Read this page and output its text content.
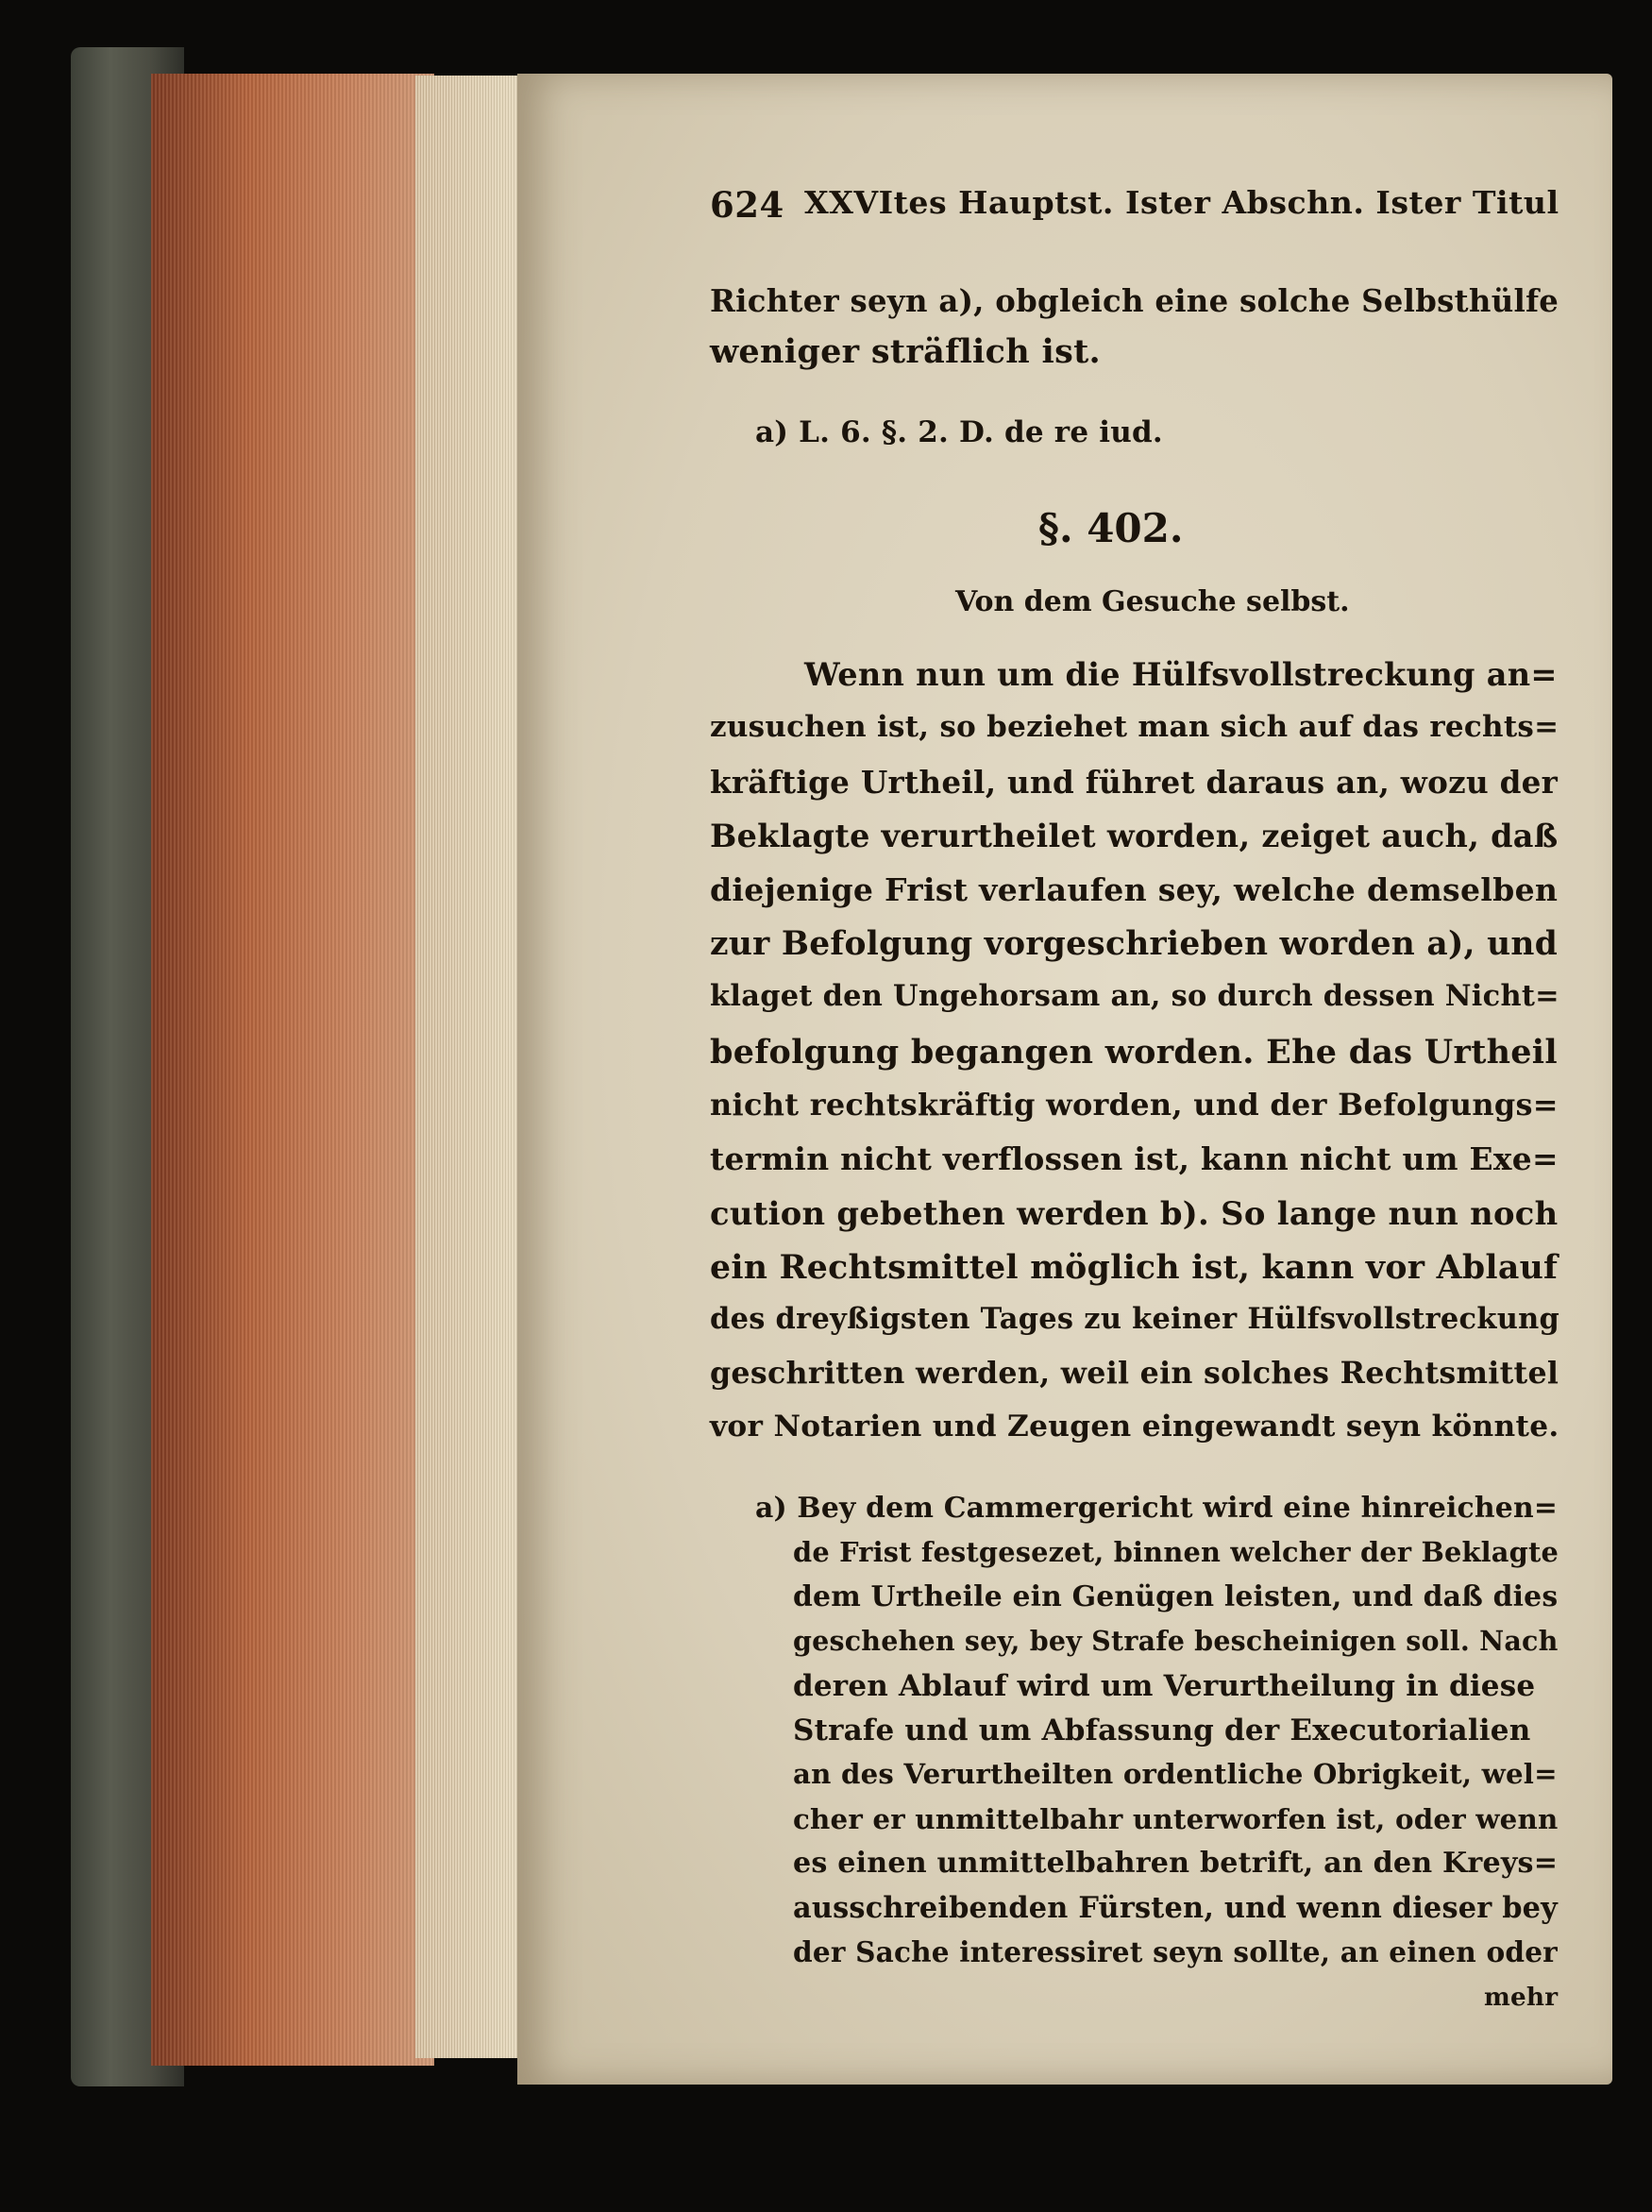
624 XXVItes Hauptst. Ister Abschn. Ister Titul
Richter seyn a), obgleich eine solche Selbsthülfe
weniger sträflich ist.
a) L. 6. §. 2. D. de re iud.
§. 402.
Von dem Gesuche selbst.
Wenn nun um die Hülfsvollstreckung an=
zusuchen ist, so beziehet man sich auf das rechts=
kräftige Urtheil, und führet daraus an, wozu der
Beklagte verurtheilet worden, zeiget auch, daß
diejenige Frist verlaufen sey, welche demselben
zur Befolgung vorgeschrieben worden a), und
klaget den Ungehorsam an, so durch dessen Nicht=
befolgung begangen worden. Ehe das Urtheil
nicht rechtskräftig worden, und der Befolgungs=
termin nicht verflossen ist, kann nicht um Exe=
cution gebethen werden b). So lange nun noch
ein Rechtsmittel möglich ist, kann vor Ablauf
des dreyßigsten Tages zu keiner Hülfsvollstreckung
geschritten werden, weil ein solches Rechtsmittel
vor Notarien und Zeugen eingewandt seyn könnte.
a) Bey dem Cammergericht wird eine hinreichen=
de Frist festgesezet, binnen welcher der Beklagte
dem Urtheile ein Genügen leisten, und daß dies
geschehen sey, bey Strafe bescheinigen soll. Nach
deren Ablauf wird um Verurtheilung in diese
Strafe und um Abfassung der Executorialien
an des Verurtheilten ordentliche Obrigkeit, wel=
cher er unmittelbahr unterworfen ist, oder wenn
es einen unmittelbahren betrift, an den Kreys=
ausschreibenden Fürsten, und wenn dieser bey
der Sache interessiret seyn sollte, an einen oder
mehr
